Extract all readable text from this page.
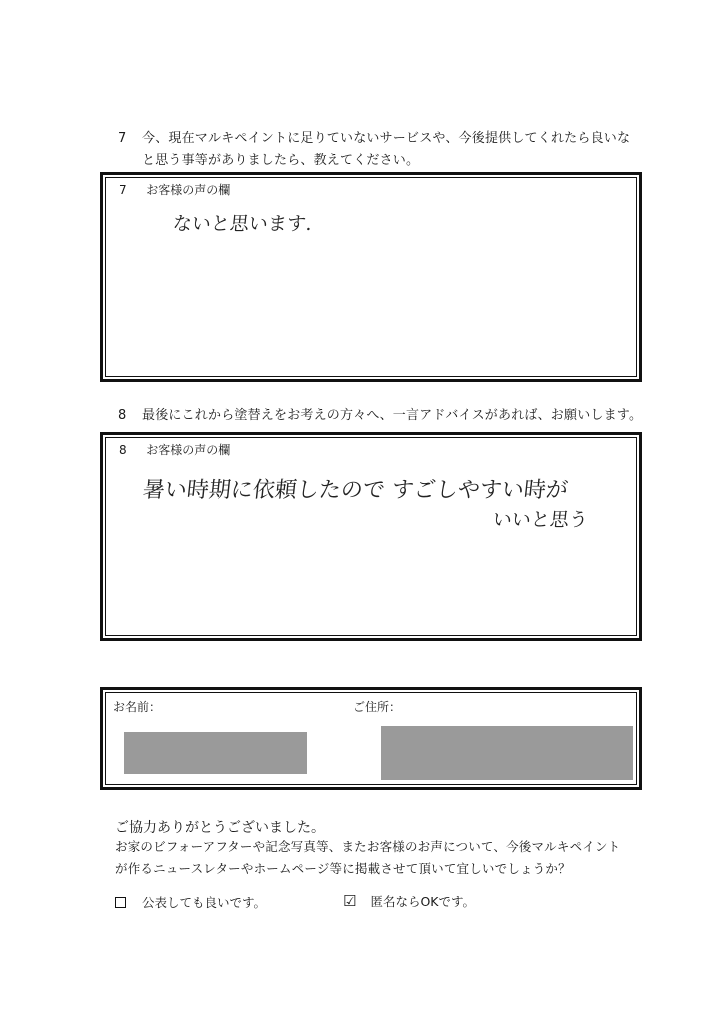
7 今、現在マルキペイントに足りていないサービスや、今後提供してくれたら良いな
と思う事等がありましたら、教えてください。
7 お客様の声の欄
ないと思います.
8 最後にこれから塗替えをお考えの方々へ、一言アドバイスがあれば、お願いします。
8 お客様の声の欄
暑い時期に依頼したので すごしやすい時が
いいと思う
お名前：	ご住所：
ご協力ありがとうございました。
お家のビフォーアフターや記念写真等、またお客様のお声について、今後マルキペイント
が作るニュースレターやホームページ等に掲載させて頂いて宜しいでしょうか？
公表しても良いです。	☑ 匿名ならOKです。
